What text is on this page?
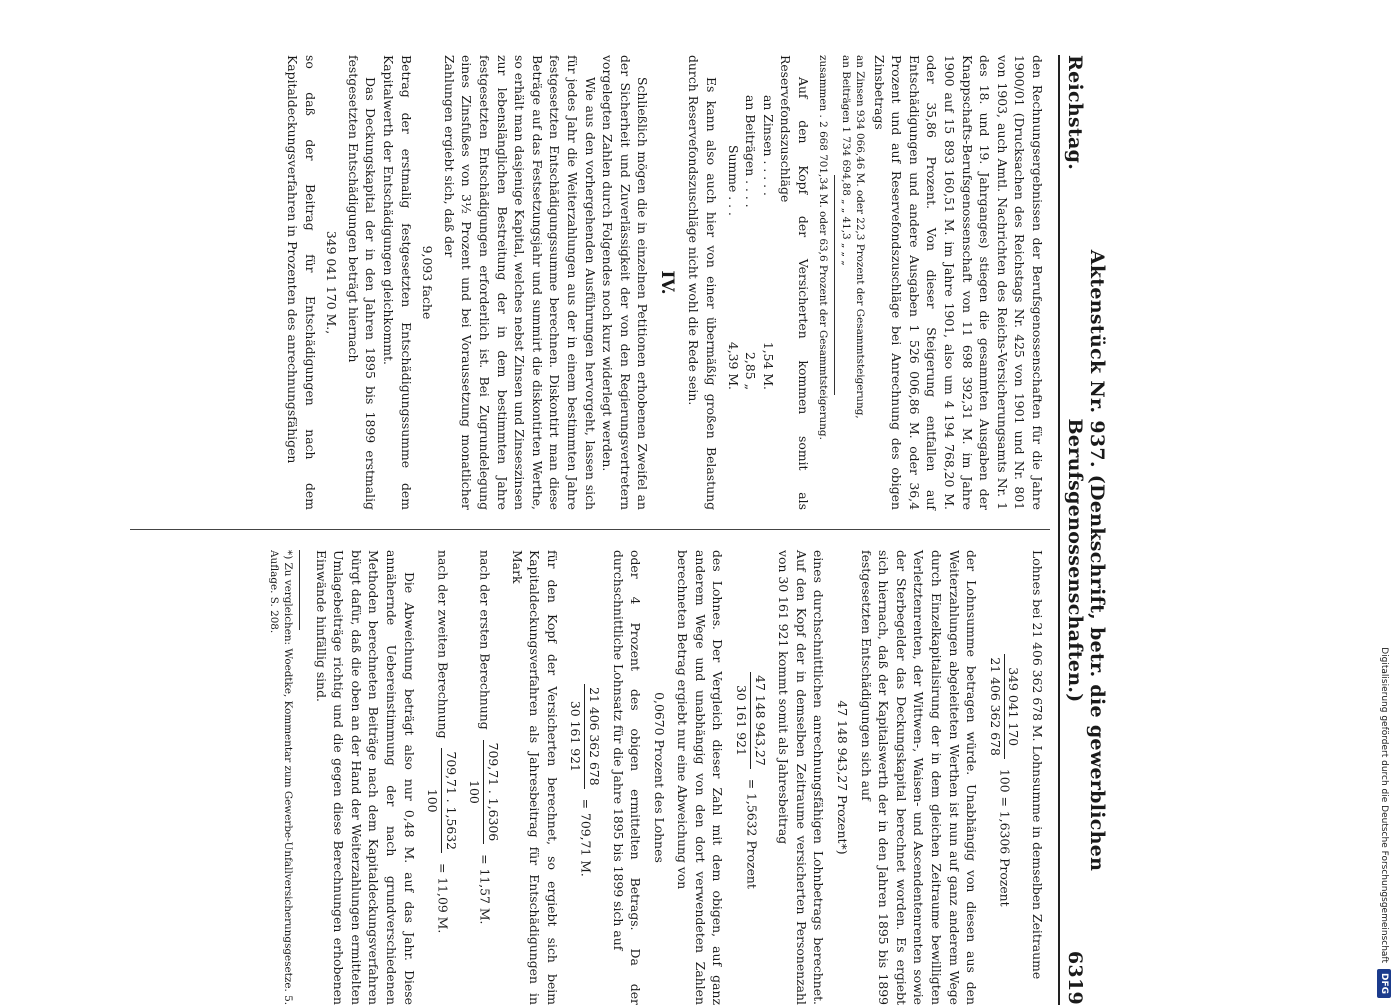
Reichstag.
Aktenstück Nr. 937. (Denkschrift, betr. die gewerblichen Berufsgenossenschaften.)
6319

den Rechnungsergebnissen der Berufsgenossenschaften für die Jahre 1900/01 (Drucksachen des Reichstags Nr. 425 von 1901 und Nr. 801 von 1903, auch Amtl. Nachrichten des Reichs-Versicherungsamts Nr. 1 des 18. und 19. Jahrganges) stiegen die gesammten Ausgaben der Knappschafts-Berufsgenossenschaft von 11 698 392,31 M. im Jahre 1900 auf 15 893 160,51 M. im Jahre 1901, also um 4 194 768,20 M. oder 35,86 Prozent. Von dieser Steigerung entfallen auf Entschädigungen und andere Ausgaben 1 526 006,86 M. oder 36,4 Prozent und auf Reservefondszuschläge bei Anrechnung des obigen Zinsbetrags

an Zinsen 934 066,46 M. oder 22,3 Prozent der Gesammtsteigerung,

an Beiträgen 1 734 694,88 „ „ 41,3 „ „ „

zusammen . 2 668 701,34 M. oder 63,6 Prozent der Gesammtsteigerung.

Auf den Kopf der Versicherten kommen somit als Reservefondszuschläge

an Zinsen . . . . .
1,54 M.
an Beiträgen . . . .
2,85 „
Summe . . .
4,39 M.

Es kann also auch hier von einer übermäßig großen Belastung durch Reservefondszuschläge nicht wohl die Rede sein.

IV.

Schließlich mögen die in einzelnen Petitionen erhobenen Zweifel an der Sicherheit und Zuverlässigkeit der von den Regierungsvertretern vorgelegten Zahlen durch Folgendes noch kurz widerlegt werden.

Wie aus den vorhergehenden Ausführungen hervorgeht, lassen sich für jedes Jahr die Weiterzahlungen aus der in einem bestimmten Jahre festgesetzten Entschädigungssumme berechnen. Diskontirt man diese Beträge auf das Festsetzungsjahr und summirt die diskontirten Werthe, so erhält man dasjenige Kapital, welches nebst Zinsen und Zinseszinsen zur lebenslänglichen Bestreitung der in dem bestimmten Jahre festgesetzten Entschädigungen erforderlich ist. Bei Zugrundelegung eines Zinsfußes von 3½ Prozent und bei Voraussetzung monatlicher Zahlungen ergiebt sich, daß der

9,093 fache

Betrag der erstmalig festgesetzten Entschädigungssumme dem Kapitalwerth der Entschädigungen gleichkommt.

Das Deckungskapital der in den Jahren 1895 bis 1899 erstmalig festgesetzten Entschädigungen beträgt hiernach

349 041 170 M.,

so daß der Beitrag für Entschädigungen nach dem Kapitaldeckungsverfahren in Prozenten des anrechnungsfähigen

Lohnes bei 21 406 362 678 M. Lohnsumme in demselben Zeitraume

349 041 170
21 406 362 678
100 = 1,6306 Prozent

der Lohnsumme betragen würde. Unabhängig von diesen aus den Weiterzahlungen abgeleiteten Werthen ist nun auf ganz anderem Wege durch Einzelkapitalisirung der in dem gleichen Zeitraume bewilligten Verletztenrenten, der Wittwen-, Waisen- und Ascendentenrenten sowie der Sterbegelder das Deckungskapital berechnet worden. Es ergiebt sich hiernach, daß der Kapitalswerth der in den Jahren 1895 bis 1899 festgesetzten Entschädigungen sich auf

47 148 943,27 Prozent*)

eines durchschnittlichen anrechnungsfähigen Lohnbetrags berechnet. Auf den Kopf der in demselben Zeitraume versicherten Personenzahl von 30 161 921 kommt somit als Jahresbeitrag

47 148 943,27
30 161 921
= 1,5632 Prozent

des Lohnes. Der Vergleich dieser Zahl mit dem obigen, auf ganz anderem Wege und unabhängig von den dort verwendeten Zahlen berechneten Betrag ergiebt nur eine Abweichung von

0,0670 Prozent des Lohnes

oder 4 Prozent des obigen ermittelten Betrags. Da der durchschnittliche Lohnsatz für die Jahre 1895 bis 1899 sich auf

21 406 362 678
30 161 921
= 709,71 M.

für den Kopf der Versicherten berechnet, so ergiebt sich beim Kapitaldeckungsverfahren als Jahresbeitrag für Entschädigungen in Mark

nach der ersten Berechnung
709,71 . 1,6306
100
= 11,57 M.
nach der zweiten Berechnung
709,71 . 1,5632
100
= 11,09 M.

Die Abweichung beträgt also nur 0,48 M. auf das Jahr. Diese annähernde Uebereinstimmung der nach grundverschiedenen Methoden berechneten Beiträge nach dem Kapitaldeckungsverfahren bürgt dafür, daß die oben an der Hand der Weiterzahlungen ermittelten Umlagebeiträge richtig und die gegen diese Berechnungen erhobenen Einwände hinfällig sind.

*) Zu vergleichen: Woedtke, Kommentar zum Gewerbe-Unfallversicherungsgesetze. 5. Auflage. S. 208.

Digitalisierung gefördert durch die Deutsche Forschungsgemeinschaft
DFG
